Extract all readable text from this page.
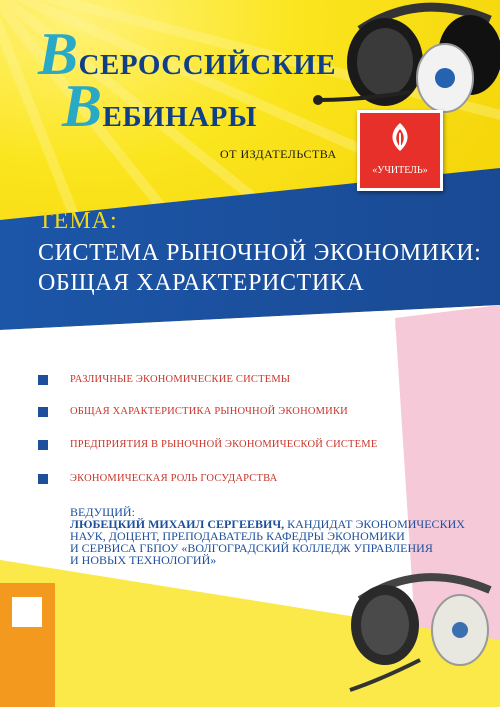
ВСЕРОССИЙСКИЕ
ВЕБИНАРЫ
ОТ ИЗДАТЕЛЬСТВА
«УЧИТЕЛЬ»
ТЕМА:
СИСТЕМА РЫНОЧНОЙ ЭКОНОМИКИ:
ОБЩАЯ ХАРАКТЕРИСТИКА
РАЗЛИЧНЫЕ ЭКОНОМИЧЕСКИЕ СИСТЕМЫ
ОБЩАЯ ХАРАКТЕРИСТИКА РЫНОЧНОЙ ЭКОНОМИКИ
ПРЕДПРИЯТИЯ В РЫНОЧНОЙ ЭКОНОМИЧЕСКОЙ СИСТЕМЕ
ЭКОНОМИЧЕСКАЯ РОЛЬ ГОСУДАРСТВА
ВЕДУЩИЙ:
ЛЮБЕЦКИЙ МИХАИЛ СЕРГЕЕВИЧ, КАНДИДАТ ЭКОНОМИЧЕСКИХ
НАУК, ДОЦЕНТ, ПРЕПОДАВАТЕЛЬ КАФЕДРЫ ЭКОНОМИКИ
И СЕРВИСА ГБПОУ «ВОЛГОГРАДСКИЙ КОЛЛЕДЖ УПРАВЛЕНИЯ
И НОВЫХ ТЕХНОЛОГИЙ»
